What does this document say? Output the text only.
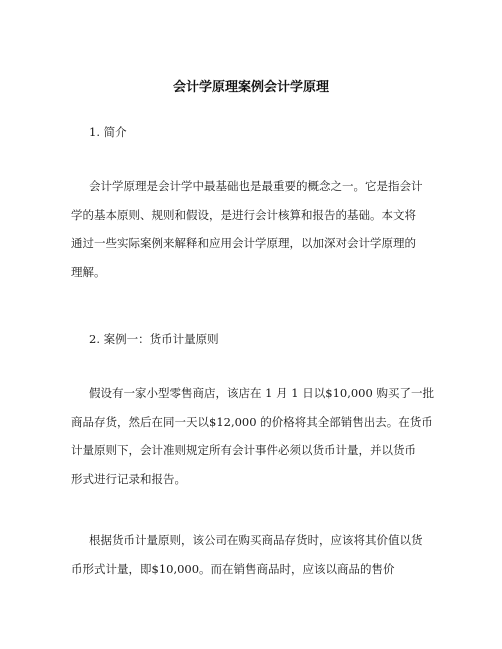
会计学原理案例会计学原理
1. 简介
会计学原理是会计学中最基础也是最重要的概念之一。它是指会计
学的基本原则、规则和假设，是进行会计核算和报告的基础。本文将
通过一些实际案例来解释和应用会计学原理，以加深对会计学原理的
理解。
2. 案例一：货币计量原则
假设有一家小型零售商店，该店在 1 月 1 日以$10,000 购买了一批
商品存货，然后在同一天以$12,000 的价格将其全部销售出去。在货币
计量原则下，会计准则规定所有会计事件必须以货币计量，并以货币
形式进行记录和报告。
根据货币计量原则，该公司在购买商品存货时，应该将其价值以货
币形式计量，即$10,000。而在销售商品时，应该以商品的售价
